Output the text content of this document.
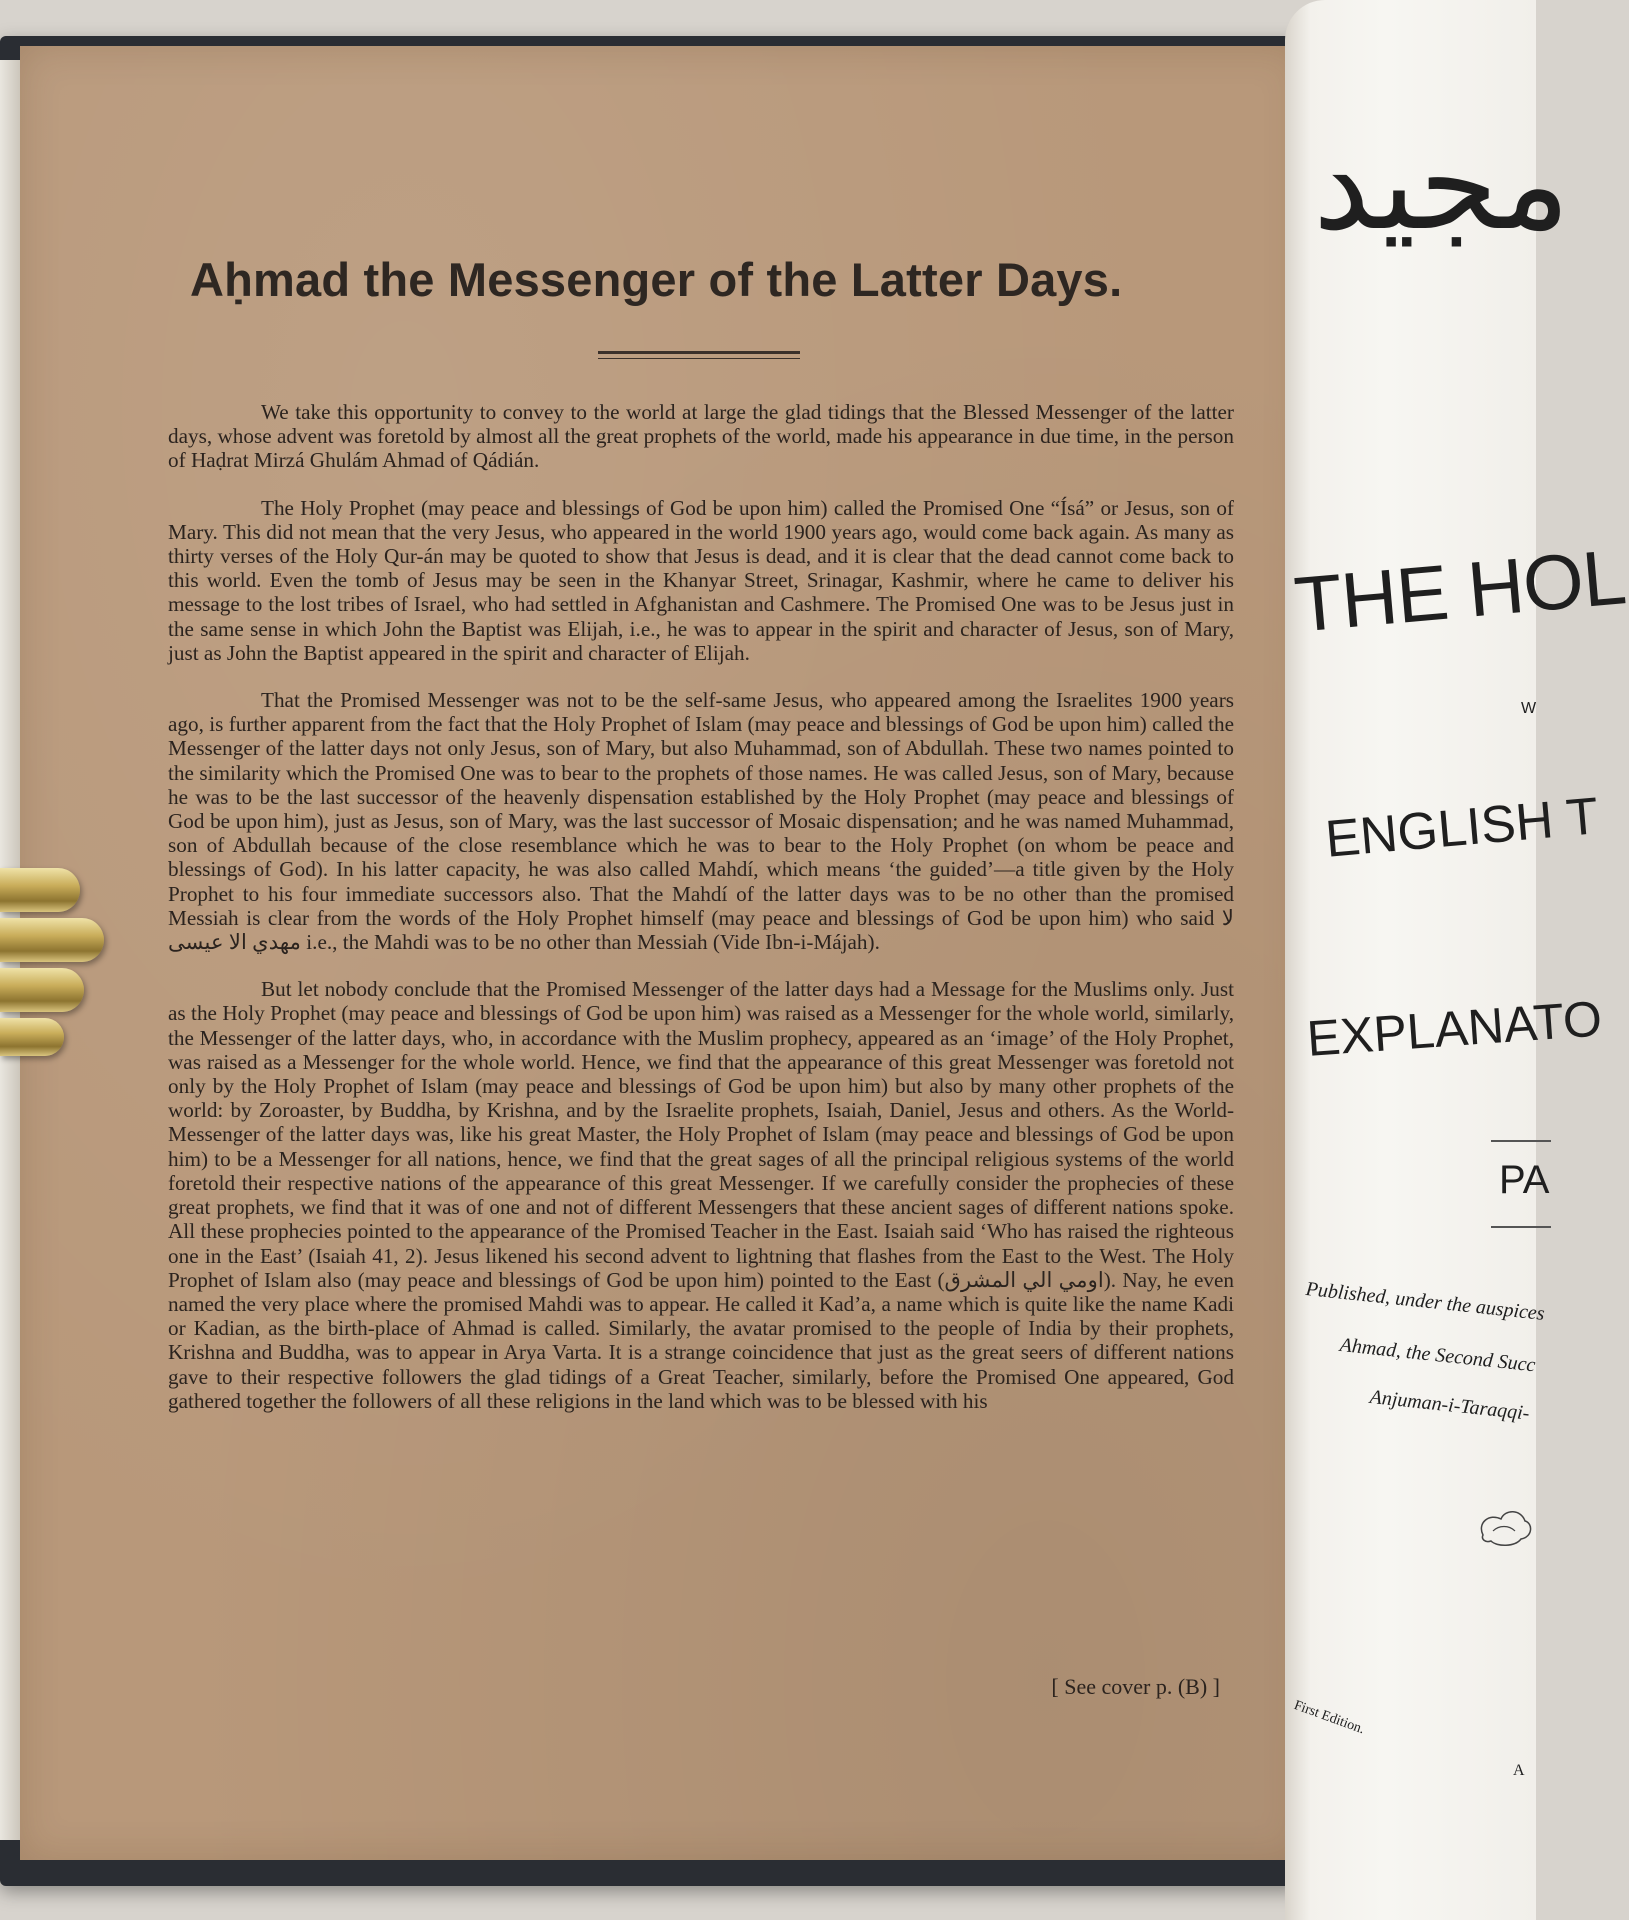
Aḥmad the Messenger of the Latter Days.

We take this opportunity to convey to the world at large the glad tidings that the Blessed Messenger of the latter days, whose advent was foretold by almost all the great prophets of the world, made his appearance in due time, in the person of Haḍrat Mirzá Ghulám Ahmad of Qádián.

The Holy Prophet (may peace and blessings of God be upon him) called the Promised One “Ísá” or Jesus, son of Mary. This did not mean that the very Jesus, who appeared in the world 1900 years ago, would come back again. As many as thirty verses of the Holy Qur-án may be quoted to show that Jesus is dead, and it is clear that the dead cannot come back to this world. Even the tomb of Jesus may be seen in the Khanyar Street, Srinagar, Kashmir, where he came to deliver his message to the lost tribes of Israel, who had settled in Afghanistan and Cashmere. The Promised One was to be Jesus just in the same sense in which John the Baptist was Elijah, i.e., he was to appear in the spirit and character of Jesus, son of Mary, just as John the Baptist appeared in the spirit and character of Elijah.

That the Promised Messenger was not to be the self-same Jesus, who appeared among the Israelites 1900 years ago, is further apparent from the fact that the Holy Prophet of Islam (may peace and blessings of God be upon him) called the Messenger of the latter days not only Jesus, son of Mary, but also Muhammad, son of Abdullah. These two names pointed to the similarity which the Promised One was to bear to the prophets of those names. He was called Jesus, son of Mary, because he was to be the last successor of the heavenly dispensation established by the Holy Prophet (may peace and blessings of God be upon him), just as Jesus, son of Mary, was the last successor of Mosaic dispensation; and he was named Muhammad, son of Abdullah because of the close resemblance which he was to bear to the Holy Prophet (on whom be peace and blessings of God). In his latter capacity, he was also called Mahdí, which means ‘the guided’—a title given by the Holy Prophet to his four immediate successors also. That the Mahdí of the latter days was to be no other than the promised Messiah is clear from the words of the Holy Prophet himself (may peace and blessings of God be upon him) who said لا مهدي الا عيسى i.e., the Mahdi was to be no other than Messiah (Vide Ibn-i-Májah).

But let nobody conclude that the Promised Messenger of the latter days had a Message for the Muslims only. Just as the Holy Prophet (may peace and blessings of God be upon him) was raised as a Messenger for the whole world, similarly, the Messenger of the latter days, who, in accordance with the Muslim prophecy, appeared as an ‘image’ of the Holy Prophet, was raised as a Messenger for the whole world. Hence, we find that the appearance of this great Messenger was foretold not only by the Holy Prophet of Islam (may peace and blessings of God be upon him) but also by many other prophets of the world: by Zoroaster, by Buddha, by Krishna, and by the Israelite prophets, Isaiah, Daniel, Jesus and others. As the World-Messenger of the latter days was, like his great Master, the Holy Prophet of Islam (may peace and blessings of God be upon him) to be a Messenger for all nations, hence, we find that the great sages of all the principal religious systems of the world foretold their respective nations of the appearance of this great Messenger. If we carefully consider the prophecies of these great prophets, we find that it was of one and not of different Messengers that these ancient sages of different nations spoke. All these prophecies pointed to the appearance of the Promised Teacher in the East. Isaiah said ‘Who has raised the righteous one in the East’ (Isaiah 41, 2). Jesus likened his second advent to lightning that flashes from the East to the West. The Holy Prophet of Islam also (may peace and blessings of God be upon him) pointed to the East (اومي الي المشرق). Nay, he even named the very place where the promised Mahdi was to appear. He called it Kad’a, a name which is quite like the name Kadi or Kadian, as the birth-place of Ahmad is called. Similarly, the avatar promised to the people of India by their prophets, Krishna and Buddha, was to appear in Arya Varta. It is a strange coincidence that just as the great seers of different nations gave to their respective followers the glad tidings of a Great Teacher, similarly, before the Promised One appeared, God gathered together the followers of all these religions in the land which was to be blessed with his

[ See cover p. (B) ]
مجيد
THE HOL
W
ENGLISH T
EXPLANATO
PA
Published, under the auspices
Ahmad, the Second Succ
Anjuman-i-Taraqqi-
First Edition.
A
